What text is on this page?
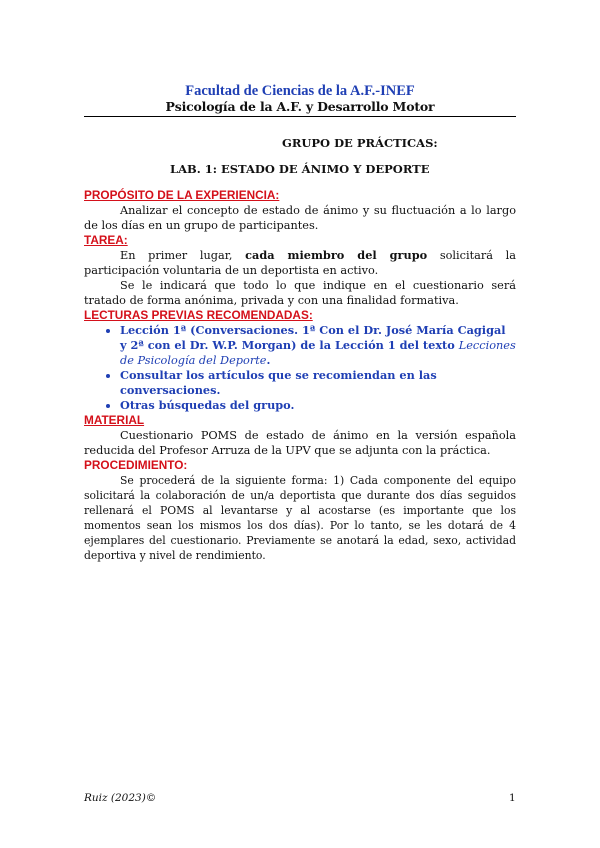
Facultad de Ciencias de la A.F.-INEF
Psicología de la A.F. y Desarrollo Motor
GRUPO DE PRÁCTICAS:
LAB. 1: ESTADO DE ÁNIMO Y DEPORTE
PROPÓSITO DE LA EXPERIENCIA:

Analizar el concepto de estado de ánimo y su fluctuación a lo largo de los días en un grupo de participantes.

TAREA:

En primer lugar, cada miembro del grupo solicitará la participación voluntaria de un deportista en activo.

Se le indicará que todo lo que indique en el cuestionario será tratado de forma anónima, privada y con una finalidad formativa.

LECTURAS PREVIAS RECOMENDADAS:
• Lección 1ª (Conversaciones. 1ª Con el Dr. José María Cagigal y 2ª con el Dr. W.P. Morgan) de la Lección 1 del texto Lecciones de Psicología del Deporte.
• Consultar los artículos que se recomiendan en las conversaciones.
• Otras búsquedas del grupo.
MATERIAL

Cuestionario POMS de estado de ánimo en la versión española reducida del Profesor Arruza de la UPV que se adjunta con la práctica.

PROCEDIMIENTO:

Se procederá de la siguiente forma: 1) Cada componente del equipo solicitará la colaboración de un/a deportista que durante dos días seguidos rellenará el POMS al levantarse y al acostarse (es importante que los momentos sean los mismos los dos días). Por lo tanto, se les dotará de 4 ejemplares del cuestionario. Previamente se anotará la edad, sexo, actividad deportiva y nivel de rendimiento.

Ruiz (2023)©	1
